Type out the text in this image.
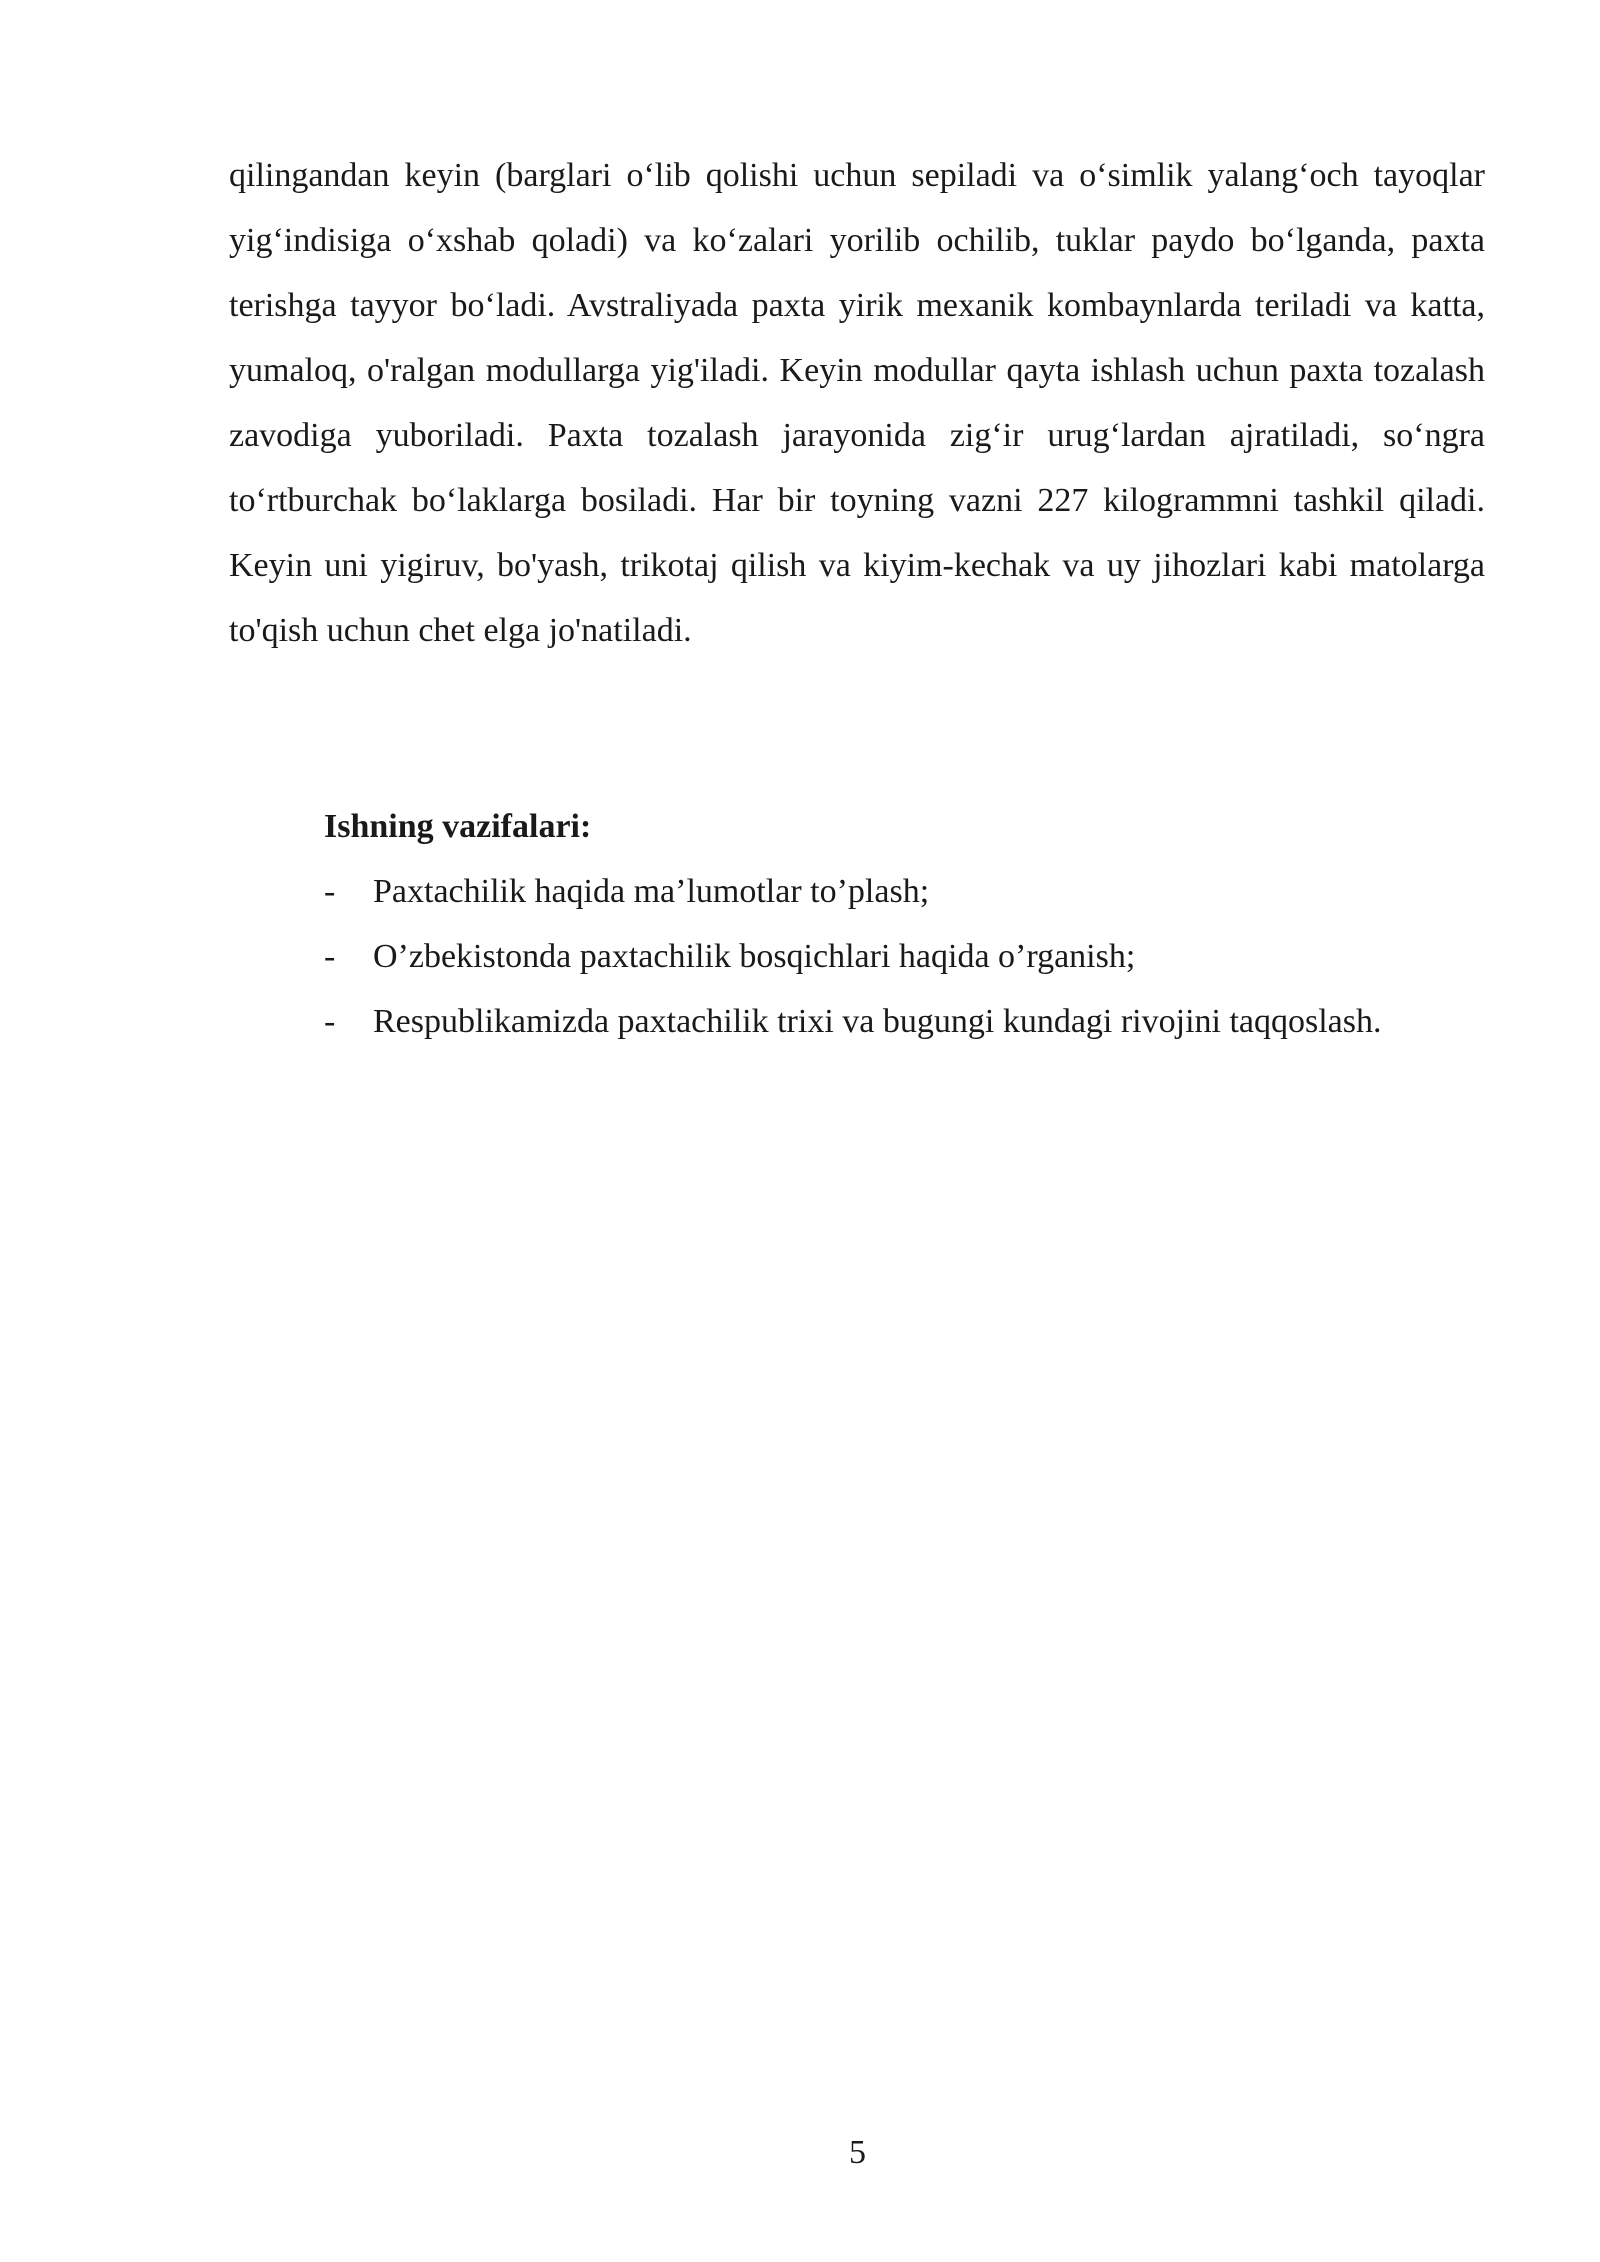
qilingandan keyin (barglari o‘lib qolishi uchun sepiladi va o‘simlik yalang‘och tayoqlar yig‘indisiga o‘xshab qoladi) va ko‘zalari yorilib ochilib, tuklar paydo bo‘lganda, paxta terishga tayyor bo‘ladi. Avstraliyada paxta yirik mexanik kombaynlarda teriladi va katta, yumaloq, o'ralgan modullarga yig'iladi. Keyin modullar qayta ishlash uchun paxta tozalash zavodiga yuboriladi. Paxta tozalash jarayonida zig‘ir urug‘lardan ajratiladi, so‘ngra to‘rtburchak bo‘laklarga bosiladi. Har bir toyning vazni 227 kilogrammni tashkil qiladi. Keyin uni yigiruv, bo'yash, trikotaj qilish va kiyim-kechak va uy jihozlari kabi matolarga to'qish uchun chet elga jo'natiladi.

Ishning vazifalari:

- Paxtachilik haqida ma’lumotlar to’plash;
- O’zbekistonda paxtachilik bosqichlari haqida o’rganish;
- Respublikamizda paxtachilik trixi va bugungi kundagi rivojini taqqoslash.
5
